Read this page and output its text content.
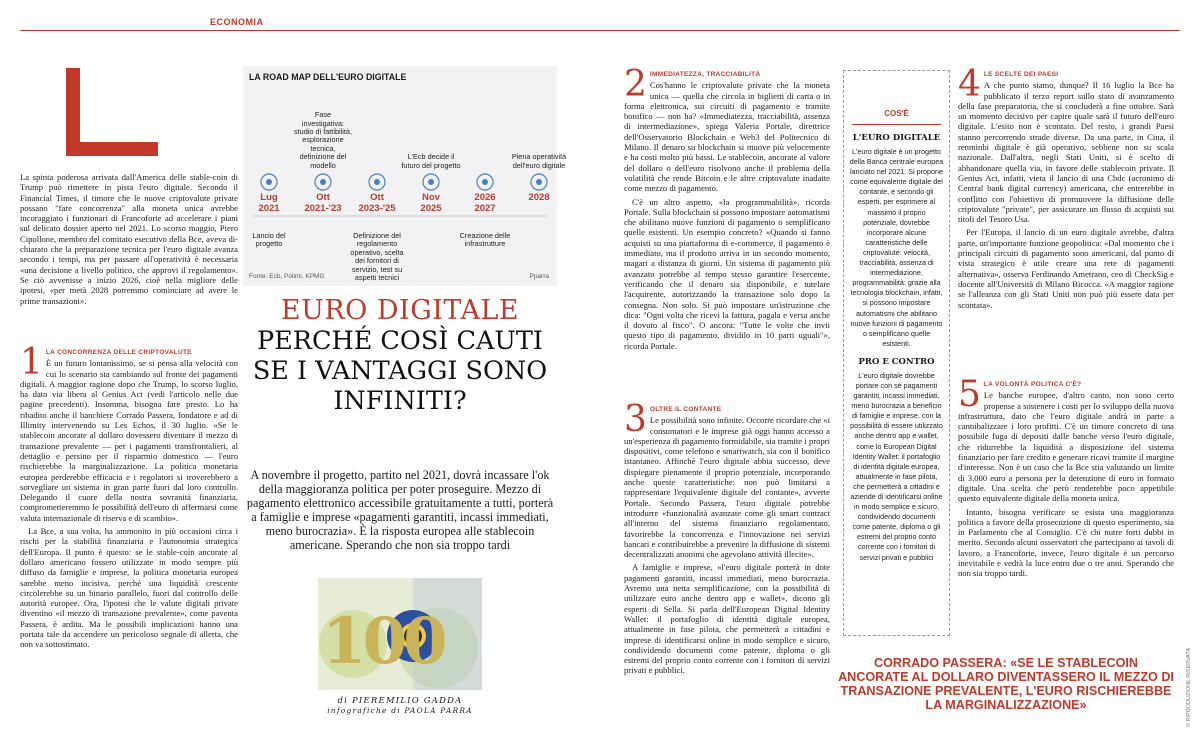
ECONOMIA

La spinta poderosa arrivata dall'America delle stable-coin di Trump può rimettere in pista l'euro digitale. Secondo il Financial Times, il timore che le nuove criptovalute private possano "fare concorrenza" alla moneta unica avrebbe incoraggiato i funzionari di Francoforte ad accelerare i piani sul delicato dossier aperto nel 2021. Lo scorso maggio, Piero Cipollone, membro del comitato esecutivo della Bce, aveva di-chiarato che la preparazione tecnica per l'euro digitale avanza secondo i tempi, ma per passare all'operatività è necessaria «una decisione a livello politico, che approvi il regolamento». Se ciò avvenisse a inizio 2026, cioè nella migliore delle ipotesi, «per metà 2028 potremmo cominciare ad avere le prime transazioni».

1 LA CONCORRENZA DELLE CRIPTOVALUTE

È un futuro lontanissimo, se si pensa alla velocità con cui lo scenario sta cambiando sul fronte dei pagamenti digitali. A maggior ragione dopo che Trump, lo scorso luglio, ha dato via libera al Genius Act (vedi l'articolo nelle due pagine precedenti). Insomma, bisogna fare presto. Lo ha ribadito anche il banchiere Corrado Passera, fondatore e ad di Illimity intervenendo su Les Echos, il 30 luglio. «Se le stablecoin ancorate al dollaro dovessero diventare il mezzo di transazione prevalente — per i pagamenti transfrontalieri, al dettaglio e persino per il risparmio domestico — l'euro rischierebbe la marginalizzazione. La politica monetaria europea perderebbe efficacia e i regolatori si troverebbero a sorvegliare un sistema in gran parte fuori dal loro controllo. Delegando il cuore della nostra sovranità finanziaria, comprometteremmo le possibilità dell'euro di affermarsi come valuta internazionale di riserva e di scambio».

La Bce, a sua volta, ha ammonito in più occasioni circa i rischi per la stabilità finanziaria e l'autonomia strategica dell'Europa. Il punto è questo: se le stable-coin ancorate al dollaro americano fossero utilizzate in modo sempre più diffuso da famiglie e imprese, la politica monetaria europea sarebbe meno incisiva, perché una liquidità crescente circolerebbe su un binario parallelo, fuori dal controllo delle autorità europee. Ora, l'ipotesi che le valute digitali private diventino «il mezzo di transazione prevalente», come paventa Passera, è ardita. Ma le possibili implicazioni hanno una portata tale da accendere un pericoloso segnale di allerta, che non va sottostimato.

LA ROAD MAP DELL'EURO DIGITALE
Lug
2021
Lancio del progetto
Ott
2021-'23
Fase investigativa: studio di fattibilità, esplorazione tecnica, definizione del modello
Ott
2023-'25
Definizione del regolamento operativo, scelta dei fornitori di servizio, test su aspetti tecnici
Nov
2025
L'Ecb decide il futuro del progetto
2026
2027
Creazione delle infrastrutture
2028
Piena operatività dell'euro digitale
Fonte: Ecb, Polimi, KPMG	Pparra
EURO DIGITALE
PERCHÉ COSÌ CAUTI SE I VANTAGGI SONO INFINITI?
A novembre il progetto, partito nel 2021, dovrà incassare l'ok della maggioranza politica per poter proseguire. Mezzo di pagamento elettronico accessibile gratuitamente a tutti, porterà a famiglie e imprese «pagamenti garantiti, incassi immediati, meno burocrazia». È la risposta europea alle stablecoin americane. Sperando che non sia troppo tardi
100
di PIEREMILIO GADDA
infografiche di PAOLA PARRA
2 IMMEDIATEZZA, TRACCIABILITÀ

Cos'hanno le criptovalute private che la moneta unica — quella che circola in biglietti di carta o in forma elettronica, sui circuiti di pagamento e tramite bonifico — non ha? «Immediatezza, tracciabilità, assenza di intermediazione», spiega Valeria Portale, direttrice dell'Osservatorio Blockchain e Web3 del Politecnico di Milano. Il denaro su blockchain si muove più velocemente e ha costi molto più bassi. Le stablecoin, ancorate al valore del dollaro o dell'euro risolvono anche il problema della volatilità che rende Bitcoin e le altre criptovalute inadatte come mezzo di pagamento.

C'è un altro aspetto, «la programmabilità», ricorda Portale. Sulla blockchain si possono impostare automatismi che abilitano nuove funzioni di pagamento o semplificano quelle esistenti. Un esempio concreto? «Quando si fanno acquisti su una piattaforma di e-commerce, il pagamento è immediato, ma il prodotto arriva in un secondo momento, magari a distanza di giorni. Un sistema di pagamento più avanzato potrebbe al tempo stesso garantire l'esercente, verificando che il denaro sia disponibile, e tutelare l'acquirente, autorizzando la transazione solo dopo la consegna. Non solo. Si può impostare un'istruzione che dica: "Ogni volta che ricevi la fattura, pagala e versa anche il dovuto al fisco". O ancora: "Tutte le volte che invii questo tipo di pagamento, dividilo in 10 parti uguali"», ricorda Portale.

3 OLTRE IL CONTANTE

Le possibilità sono infinite. Occorre ricordare che «i consumatori e le imprese già oggi hanno accesso a un'esperienza di pagamento formidabile, sia tramite i propri dispositivi, come telefono e smartwatch, sia con il bonifico istantaneo. Affinché l'euro digitale abbia successo, deve dispiegare pienamente il proprio potenziale, incorporando anche queste caratteristiche: non può limitarsi a rappresentare l'equivalente digitale del contante», avverte Portale. Secondo Passera, l'euro digitale potrebbe introdurre «funzionalità avanzate come gli smart contract all'interno del sistema finanziario regolamentato, favorirebbe la concorrenza e l'innovazione nei servizi bancari e contribuirebbe a prevenire la diffusione di sistemi decentralizzati anonimi che agevolano attività illecite».

A famiglie e imprese, «l'euro digitale porterà in dote pagamenti garantiti, incassi immediati, meno burocrazia. Avremo una netta semplificazione, con la possibilità di utilizzare euro anche dentro app e wallet», dicono gli esperti di Sella. Si parla dell'European Digital Identity Wallet: il portafoglio di identità digitale europea, attualmente in fase pilota, che permetterà a cittadini e imprese di identificarsi online in modo semplice e sicuro, condividendo documenti come patente, diploma o gli estremi del proprio conto corrente con i fornitori di servizi privati e pubblici.

COS'È
L'EURO DIGITALE
L'euro digitale è un progetto della Banca centrale europea lanciato nel 2021. Si propone come equivalente digitale del contante, e secondo gli esperti, per esprimere al massimo il proprio potenziale, dovrebbe incorporare alcune caratteristiche delle criptovalute: velocità, tracciabilità, assenza di intermediazione, programmabilità: grazie alla tecnologia blockchain, infatti, si possono impostare automatismi che abilitano nuove funzioni di pagamento o semplificano quelle esistenti.
PRO E CONTRO
L'euro digitale dovrebbe portare con sé pagamenti garantiti, incassi immediati, meno burocrazia a beneficio di famiglie e imprese, con la possibilità di essere utilizzato anche dentro app e wallet, come lo European Digital Identity Wallet: il portafoglio di identità digitale europea, attualmente in fase pilota, che permetterà a cittadini e aziende di identificarsi online in modo semplice e sicuro, condividendo documenti come patente, diploma o gli estremi del proprio conto corrente con i fornitori di servizi privati e pubblici
4 LE SCELTE DEI PAESI

A che punto siamo, dunque? Il 16 luglio la Bce ha pubblicato il terzo report sullo stato di avanzamento della fase preparatoria, che si concluderà a fine ottobre. Sarà un momento decisivo per capire quale sarà il futuro dell'euro digitale. L'esito non è scontato. Del resto, i grandi Paesi stanno percorrendo strade diverse. Da una parte, in Cina, il renminbi digitale è già operativo, sebbene non su scala nazionale. Dall'altra, negli Stati Uniti, si è scelto di abbandonare quella via, in favore delle stablecoin private. Il Genius Act, infatti, vieta il lancio di una Cbdc (acronimo di Central bank digital currency) americana, che entrerebbe in conflitto con l'obiettivo di promuovere la diffusione delle criptovalute "private", per assicurare un flusso di acquisti sui titoli del Tesoro Usa.

Per l'Europa, il lancio di un euro digitale avrebbe, d'altra parte, un'importante funzione geopolitica: «Dal momento che i principali circuiti di pagamento sono americani, dal punto di vista strategico è utile creare una rete di pagamenti alternativa», osserva Ferdinando Ametrano, ceo di CheckSig e docente all'Università di Milano Bicocca. «A maggior ragione se l'alleanza con gli Stati Uniti non può più essere data per scontata».

5 LA VOLONTÀ POLITICA C'È?

Le banche europee, d'altro canto, non sono certo propense a sostenere i costi per lo sviluppo della nuova infrastruttura, dato che l'euro digitale andrà in parte a cannibalizzare i loro profitti. C'è un timore concreto di una possibile fuga di depositi dalle banche verso l'euro digitale, che ridurrebbe la liquidità a disposizione del sistema finanziario per fare credito e generare ricavi tramite il margine d'interesse. Non è un caso che la Bce stia valutando un limite di 3.000 euro a persona per la detenzione di euro in formato digitale. Una scelta che però renderebbe poco appetibile questo equivalente digitale della moneta unica.

Intanto, bisogna verificare se esista una maggioranza politica a favore della prosecuzione di questo esperimento, sia in Parlamento che al Consiglio. C'è chi nutre forti dubbi in merito. Secondo alcuni osservatori che partecipano ai tavoli di lavoro, a Francoforte, invece, l'euro digitale è un percorso inevitabile e vedrà la luce entro due o tre anni. Sperando che non sia troppo tardi.

CORRADO PASSERA: «SE LE STABLECOIN ANCORATE AL DOLLARO DIVENTASSERO IL MEZZO DI TRANSAZIONE PREVALENTE, L'EURO RISCHIEREBBE LA MARGINALIZZAZIONE»	© RIPRODUZIONE RISERVATA
